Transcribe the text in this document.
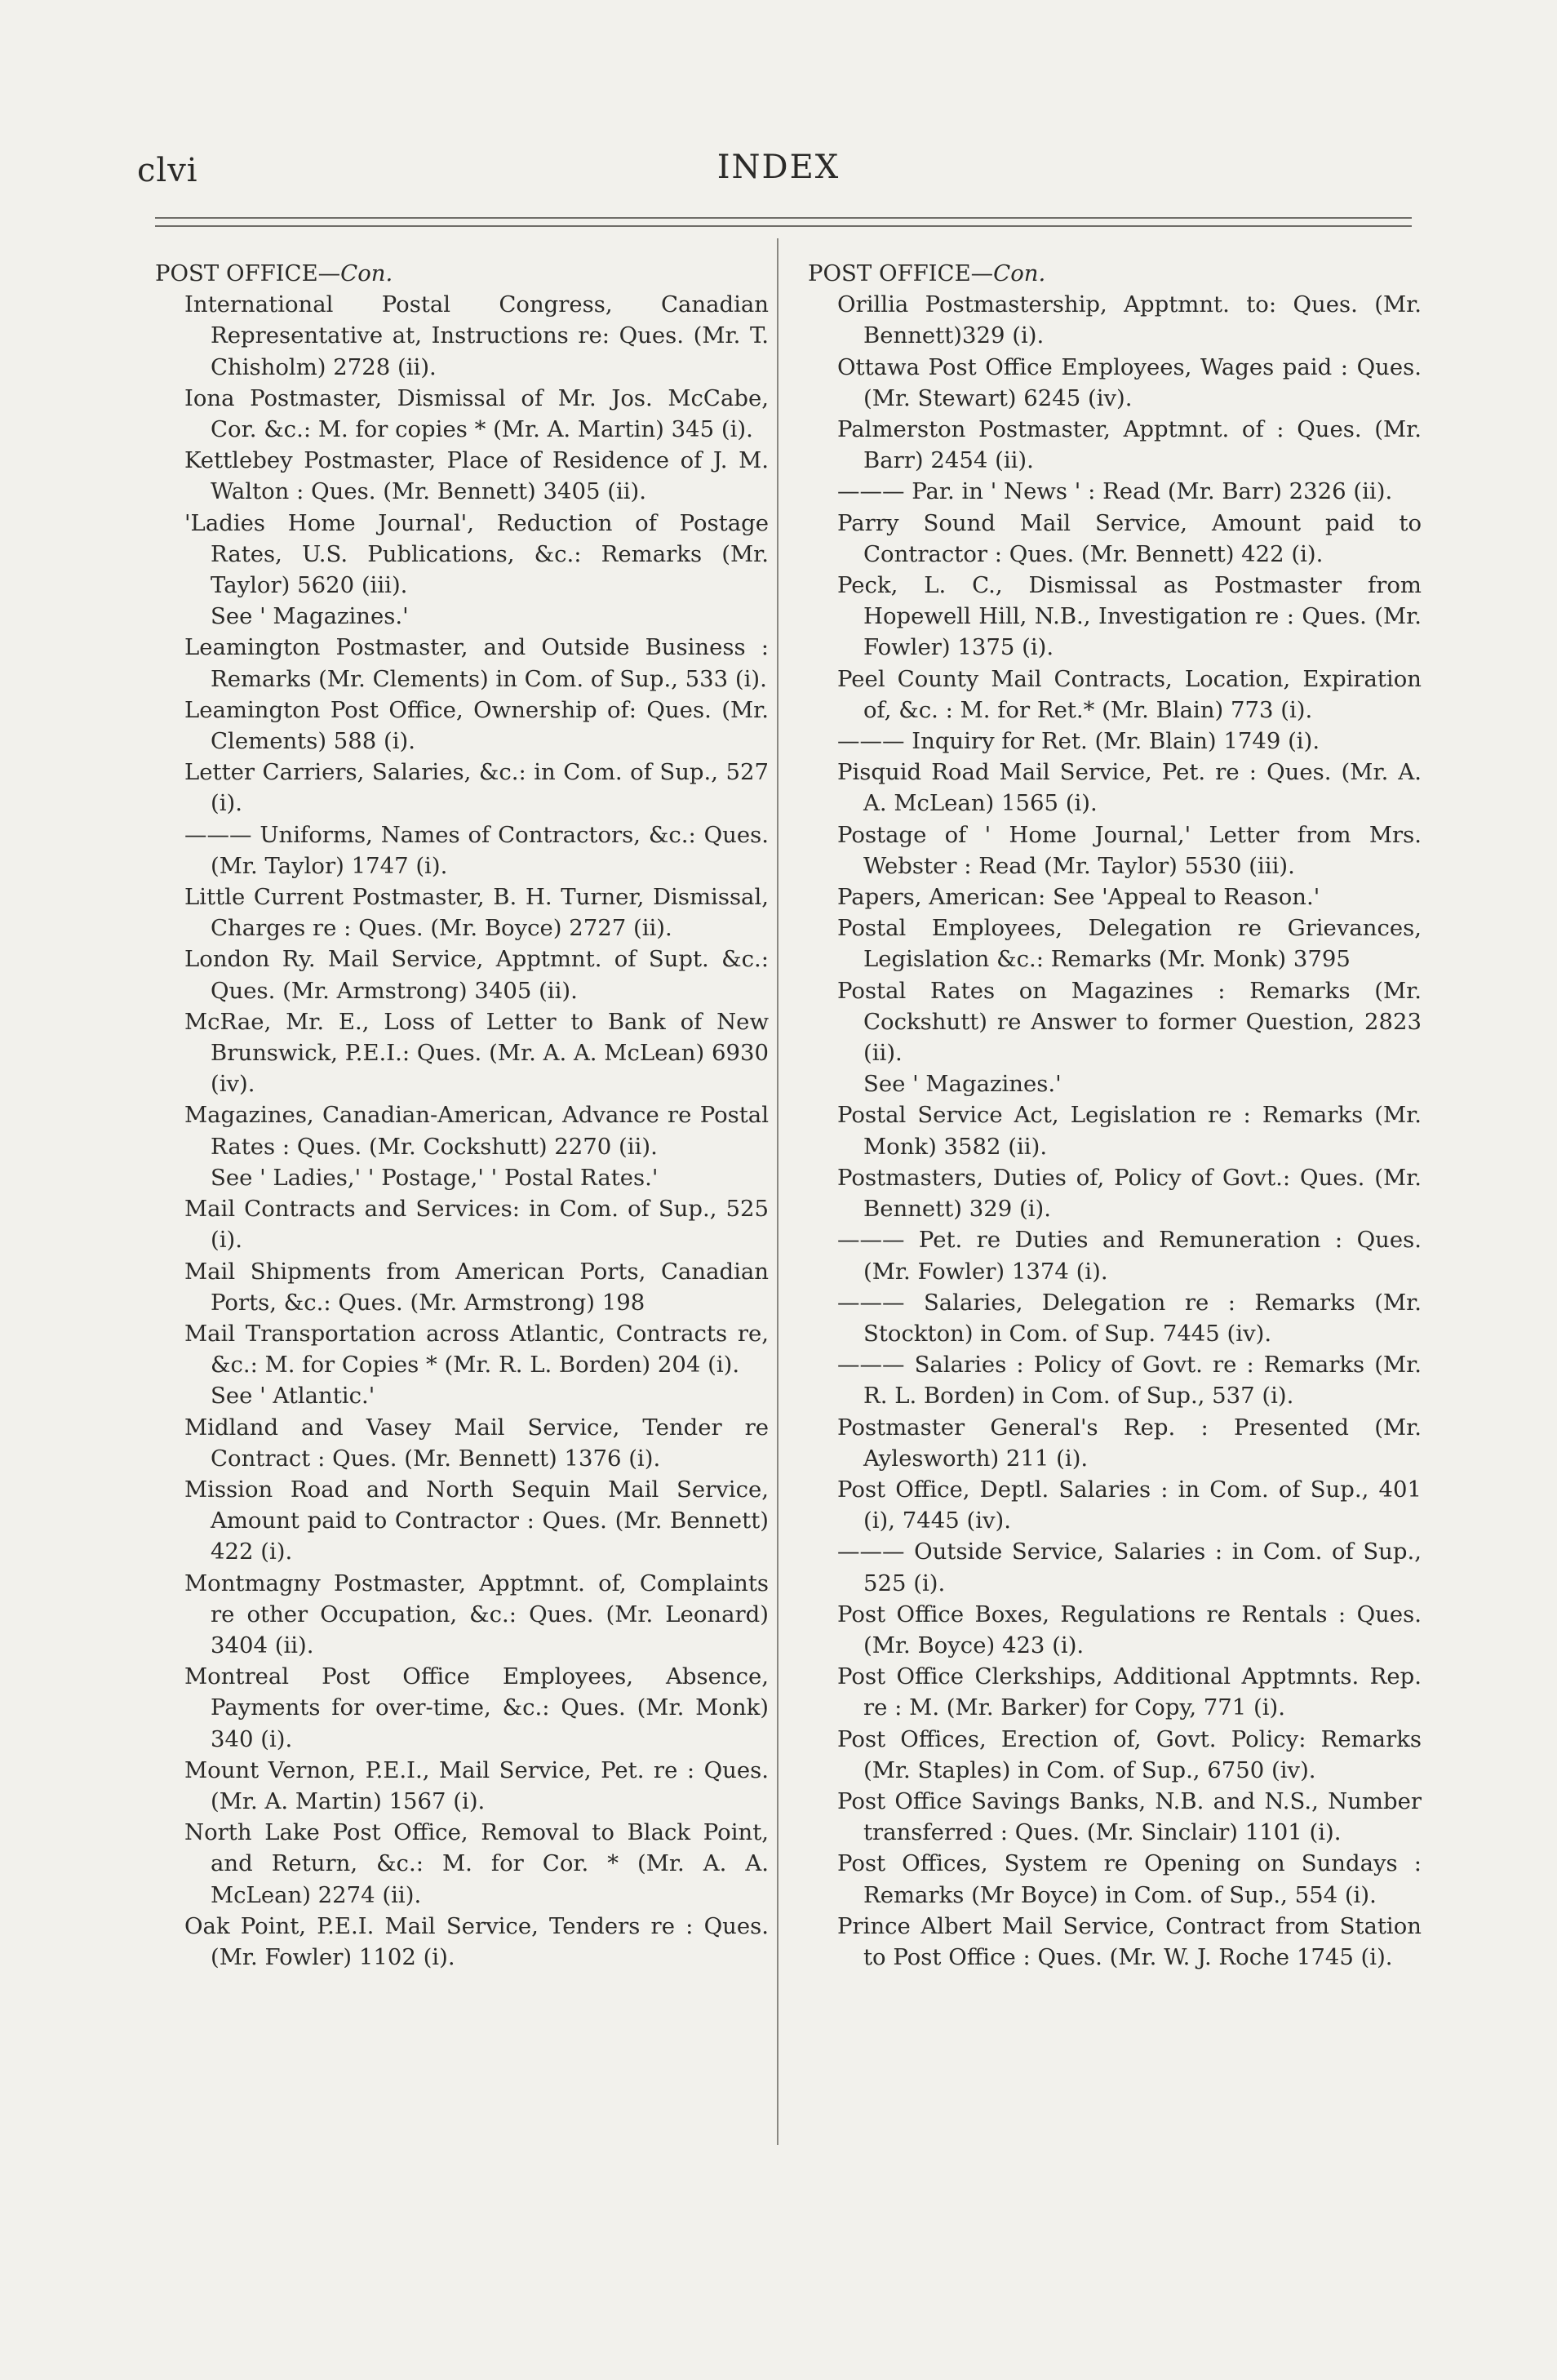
clvi	INDEX
POST OFFICE—Con.

International Postal Congress, Canadian Representative at, Instructions re: Ques. (Mr. T. Chisholm) 2728 (ii).

Iona Postmaster, Dismissal of Mr. Jos. McCabe, Cor. &c.: M. for copies * (Mr. A. Martin) 345 (i).

Kettlebey Postmaster, Place of Residence of J. M. Walton : Ques. (Mr. Bennett) 3405 (ii).

'Ladies Home Journal', Reduction of Postage Rates, U.S. Publications, &c.: Remarks (Mr. Taylor) 5620 (iii).

See ' Magazines.'

Leamington Postmaster, and Outside Business : Remarks (Mr. Clements) in Com. of Sup., 533 (i).

Leamington Post Office, Ownership of: Ques. (Mr. Clements) 588 (i).

Letter Carriers, Salaries, &c.: in Com. of Sup., 527 (i).

——— Uniforms, Names of Contractors, &c.: Ques. (Mr. Taylor) 1747 (i).

Little Current Postmaster, B. H. Turner, Dismissal, Charges re : Ques. (Mr. Boyce) 2727 (ii).

London Ry. Mail Service, Apptmnt. of Supt. &c.: Ques. (Mr. Armstrong) 3405 (ii).

McRae, Mr. E., Loss of Letter to Bank of New Brunswick, P.E.I.: Ques. (Mr. A. A. McLean) 6930 (iv).

Magazines, Canadian-American, Advance re Postal Rates : Ques. (Mr. Cockshutt) 2270 (ii).

See ' Ladies,' ' Postage,' ' Postal Rates.'

Mail Contracts and Services: in Com. of Sup., 525 (i).

Mail Shipments from American Ports, Canadian Ports, &c.: Ques. (Mr. Armstrong) 198

Mail Transportation across Atlantic, Contracts re, &c.: M. for Copies * (Mr. R. L. Borden) 204 (i).

See ' Atlantic.'

Midland and Vasey Mail Service, Tender re Contract : Ques. (Mr. Bennett) 1376 (i).

Mission Road and North Sequin Mail Service, Amount paid to Contractor : Ques. (Mr. Bennett) 422 (i).

Montmagny Postmaster, Apptmnt. of, Complaints re other Occupation, &c.: Ques. (Mr. Leonard) 3404 (ii).

Montreal Post Office Employees, Absence, Payments for over-time, &c.: Ques. (Mr. Monk) 340 (i).

Mount Vernon, P.E.I., Mail Service, Pet. re : Ques. (Mr. A. Martin) 1567 (i).

North Lake Post Office, Removal to Black Point, and Return, &c.: M. for Cor. * (Mr. A. A. McLean) 2274 (ii).

Oak Point, P.E.I. Mail Service, Tenders re : Ques. (Mr. Fowler) 1102 (i).

POST OFFICE—Con.

Orillia Postmastership, Apptmnt. to: Ques. (Mr. Bennett)329 (i).

Ottawa Post Office Employees, Wages paid : Ques. (Mr. Stewart) 6245 (iv).

Palmerston Postmaster, Apptmnt. of : Ques. (Mr. Barr) 2454 (ii).

——— Par. in ' News ' : Read (Mr. Barr) 2326 (ii).

Parry Sound Mail Service, Amount paid to Contractor : Ques. (Mr. Bennett) 422 (i).

Peck, L. C., Dismissal as Postmaster from Hopewell Hill, N.B., Investigation re : Ques. (Mr. Fowler) 1375 (i).

Peel County Mail Contracts, Location, Expiration of, &c. : M. for Ret.* (Mr. Blain) 773 (i).

——— Inquiry for Ret. (Mr. Blain) 1749 (i).

Pisquid Road Mail Service, Pet. re : Ques. (Mr. A. A. McLean) 1565 (i).

Postage of ' Home Journal,' Letter from Mrs. Webster : Read (Mr. Taylor) 5530 (iii).

Papers, American: See 'Appeal to Reason.'

Postal Employees, Delegation re Grievances, Legislation &c.: Remarks (Mr. Monk) 3795

Postal Rates on Magazines : Remarks (Mr. Cockshutt) re Answer to former Question, 2823 (ii).

See ' Magazines.'

Postal Service Act, Legislation re : Remarks (Mr. Monk) 3582 (ii).

Postmasters, Duties of, Policy of Govt.: Ques. (Mr. Bennett) 329 (i).

——— Pet. re Duties and Remuneration : Ques. (Mr. Fowler) 1374 (i).

——— Salaries, Delegation re : Remarks (Mr. Stockton) in Com. of Sup. 7445 (iv).

——— Salaries : Policy of Govt. re : Remarks (Mr. R. L. Borden) in Com. of Sup., 537 (i).

Postmaster General's Rep. : Presented (Mr. Aylesworth) 211 (i).

Post Office, Deptl. Salaries : in Com. of Sup., 401 (i), 7445 (iv).

——— Outside Service, Salaries : in Com. of Sup., 525 (i).

Post Office Boxes, Regulations re Rentals : Ques. (Mr. Boyce) 423 (i).

Post Office Clerkships, Additional Apptmnts. Rep. re : M. (Mr. Barker) for Copy, 771 (i).

Post Offices, Erection of, Govt. Policy: Remarks (Mr. Staples) in Com. of Sup., 6750 (iv).

Post Office Savings Banks, N.B. and N.S., Number transferred : Ques. (Mr. Sinclair) 1101 (i).

Post Offices, System re Opening on Sundays : Remarks (Mr Boyce) in Com. of Sup., 554 (i).

Prince Albert Mail Service, Contract from Station to Post Office : Ques. (Mr. W. J. Roche 1745 (i).
